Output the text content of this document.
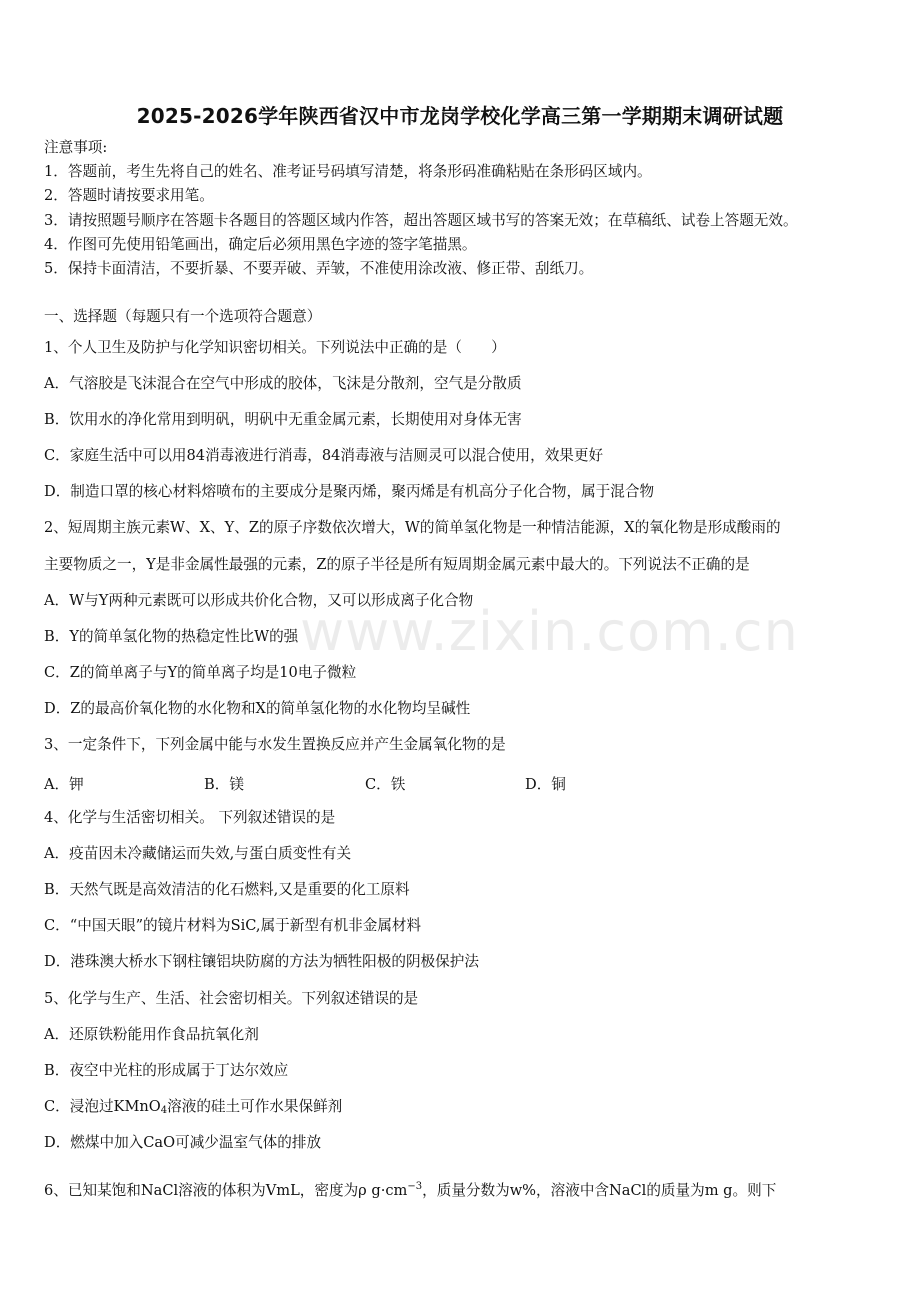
www.zixin.com.cn
2025-2026学年陕西省汉中市龙岗学校化学高三第一学期期末调研试题
注意事项:
1．答题前，考生先将自己的姓名、准考证号码填写清楚，将条形码准确粘贴在条形码区域内。
2．答题时请按要求用笔。
3．请按照题号顺序在答题卡各题目的答题区域内作答，超出答题区域书写的答案无效；在草稿纸、试卷上答题无效。
4．作图可先使用铅笔画出，确定后必须用黑色字迹的签字笔描黑。
5．保持卡面清洁，不要折暴、不要弄破、弄皱，不准使用涂改液、修正带、刮纸刀。
一、选择题（每题只有一个选项符合题意）
1、个人卫生及防护与化学知识密切相关。下列说法中正确的是（　　）
A．气溶胶是飞沫混合在空气中形成的胶体，飞沫是分散剂，空气是分散质
B．饮用水的净化常用到明矾，明矾中无重金属元素，长期使用对身体无害
C．家庭生活中可以用84消毒液进行消毒，84消毒液与洁厕灵可以混合使用，效果更好
D．制造口罩的核心材料熔喷布的主要成分是聚丙烯，聚丙烯是有机高分子化合物，属于混合物
2、短周期主族元素W、X、Y、Z的原子序数依次增大，W的简单氢化物是一种情洁能源，X的氧化物是形成酸雨的
主要物质之一，Y是非金属性最强的元素，Z的原子半径是所有短周期金属元素中最大的。下列说法不正确的是
A．W与Y两种元素既可以形成共价化合物，又可以形成离子化合物
B．Y的简单氢化物的热稳定性比W的强
C．Z的简单离子与Y的简单离子均是10电子微粒
D．Z的最高价氧化物的水化物和X的简单氢化物的水化物均呈碱性
3、一定条件下，下列金属中能与水发生置换反应并产生金属氧化物的是
A．钾	B．镁	C．铁	D．铜
4、化学与生活密切相关。 下列叙述错误的是
A．疫苗因未冷藏储运而失效,与蛋白质变性有关
B．天然气既是高效清洁的化石燃料,又是重要的化工原料
C．“中国天眼”的镜片材料为SiC,属于新型有机非金属材料
D．港珠澳大桥水下钢柱镶铝块防腐的方法为牺牲阳极的阴极保护法
5、化学与生产、生活、社会密切相关。下列叙述错误的是
A．还原铁粉能用作食品抗氧化剂
B．夜空中光柱的形成属于丁达尔效应
C．浸泡过KMnO$_4$溶液的硅土可作水果保鲜剂
D．燃煤中加入CaO可减少温室气体的排放
6、已知某饱和NaCl溶液的体积为VmL，密度为ρ $g\cdot cm^{-3}$，质量分数为w%，溶液中含NaCl的质量为m g。则下
